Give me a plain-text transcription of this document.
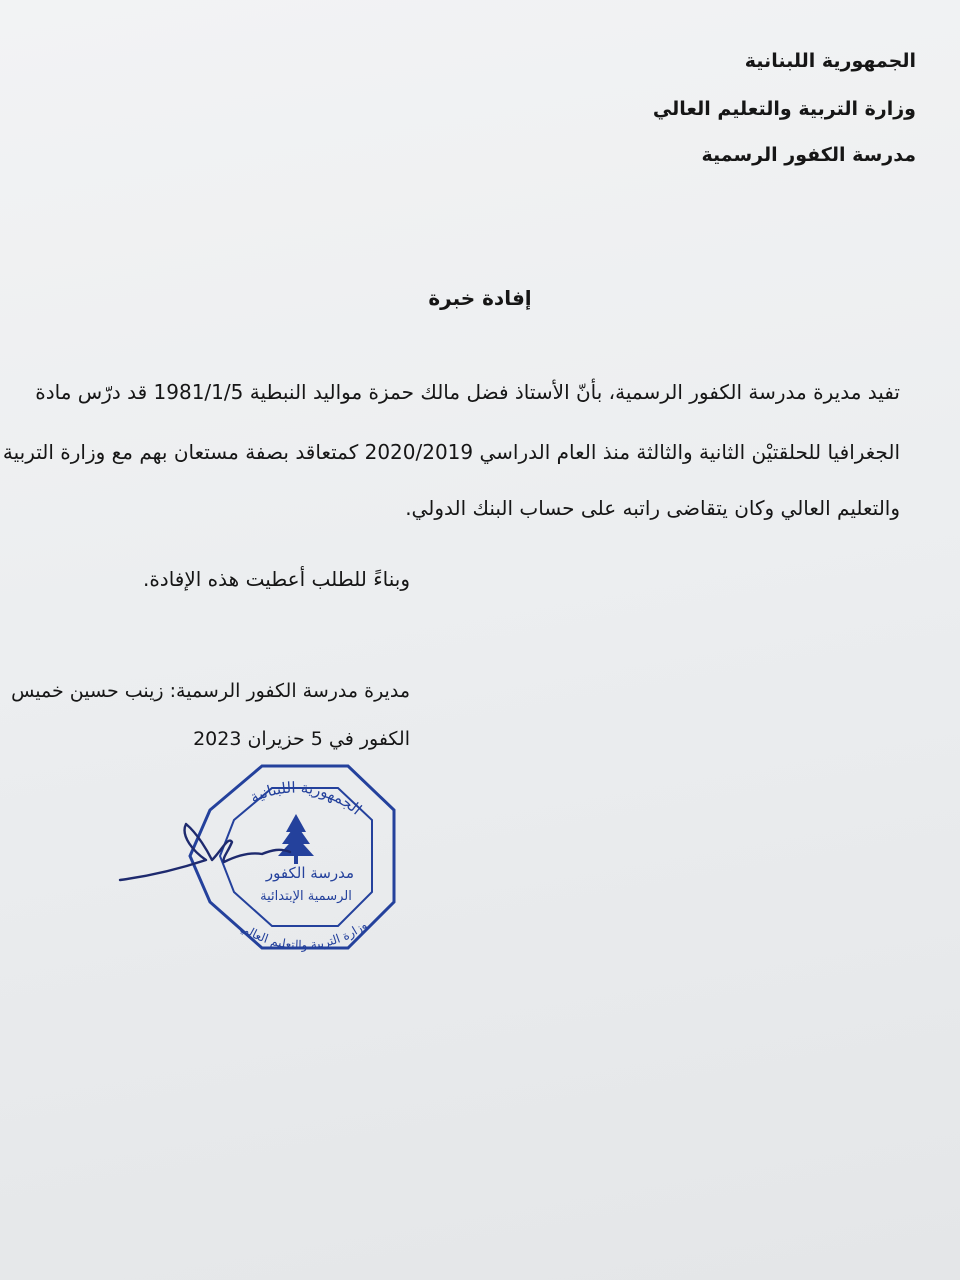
الجمهورية اللبنانية
وزارة التربية والتعليم العالي
مدرسة الكفور الرسمية
إفادة خبرة
تفيد مديرة مدرسة الكفور الرسمية، بأنّ الأستاذ فضل مالك حمزة مواليد النبطية 1981/1/5 قد درّس مادة
الجغرافيا للحلقتيْن الثانية والثالثة منذ العام الدراسي 2020/2019 كمتعاقد بصفة مستعان بهم مع وزارة التربية
والتعليم العالي وكان يتقاضى راتبه على حساب البنك الدولي.
وبناءً للطلب أعطيت هذه الإفادة.
مديرة مدرسة الكفور الرسمية: زينب حسين خميس
الكفور في 5 حزيران 2023
الجمهورية اللبنانية
مدرسة الكفور
الرسمية الإبتدائية
وزارة التربية والتعليم العالي
